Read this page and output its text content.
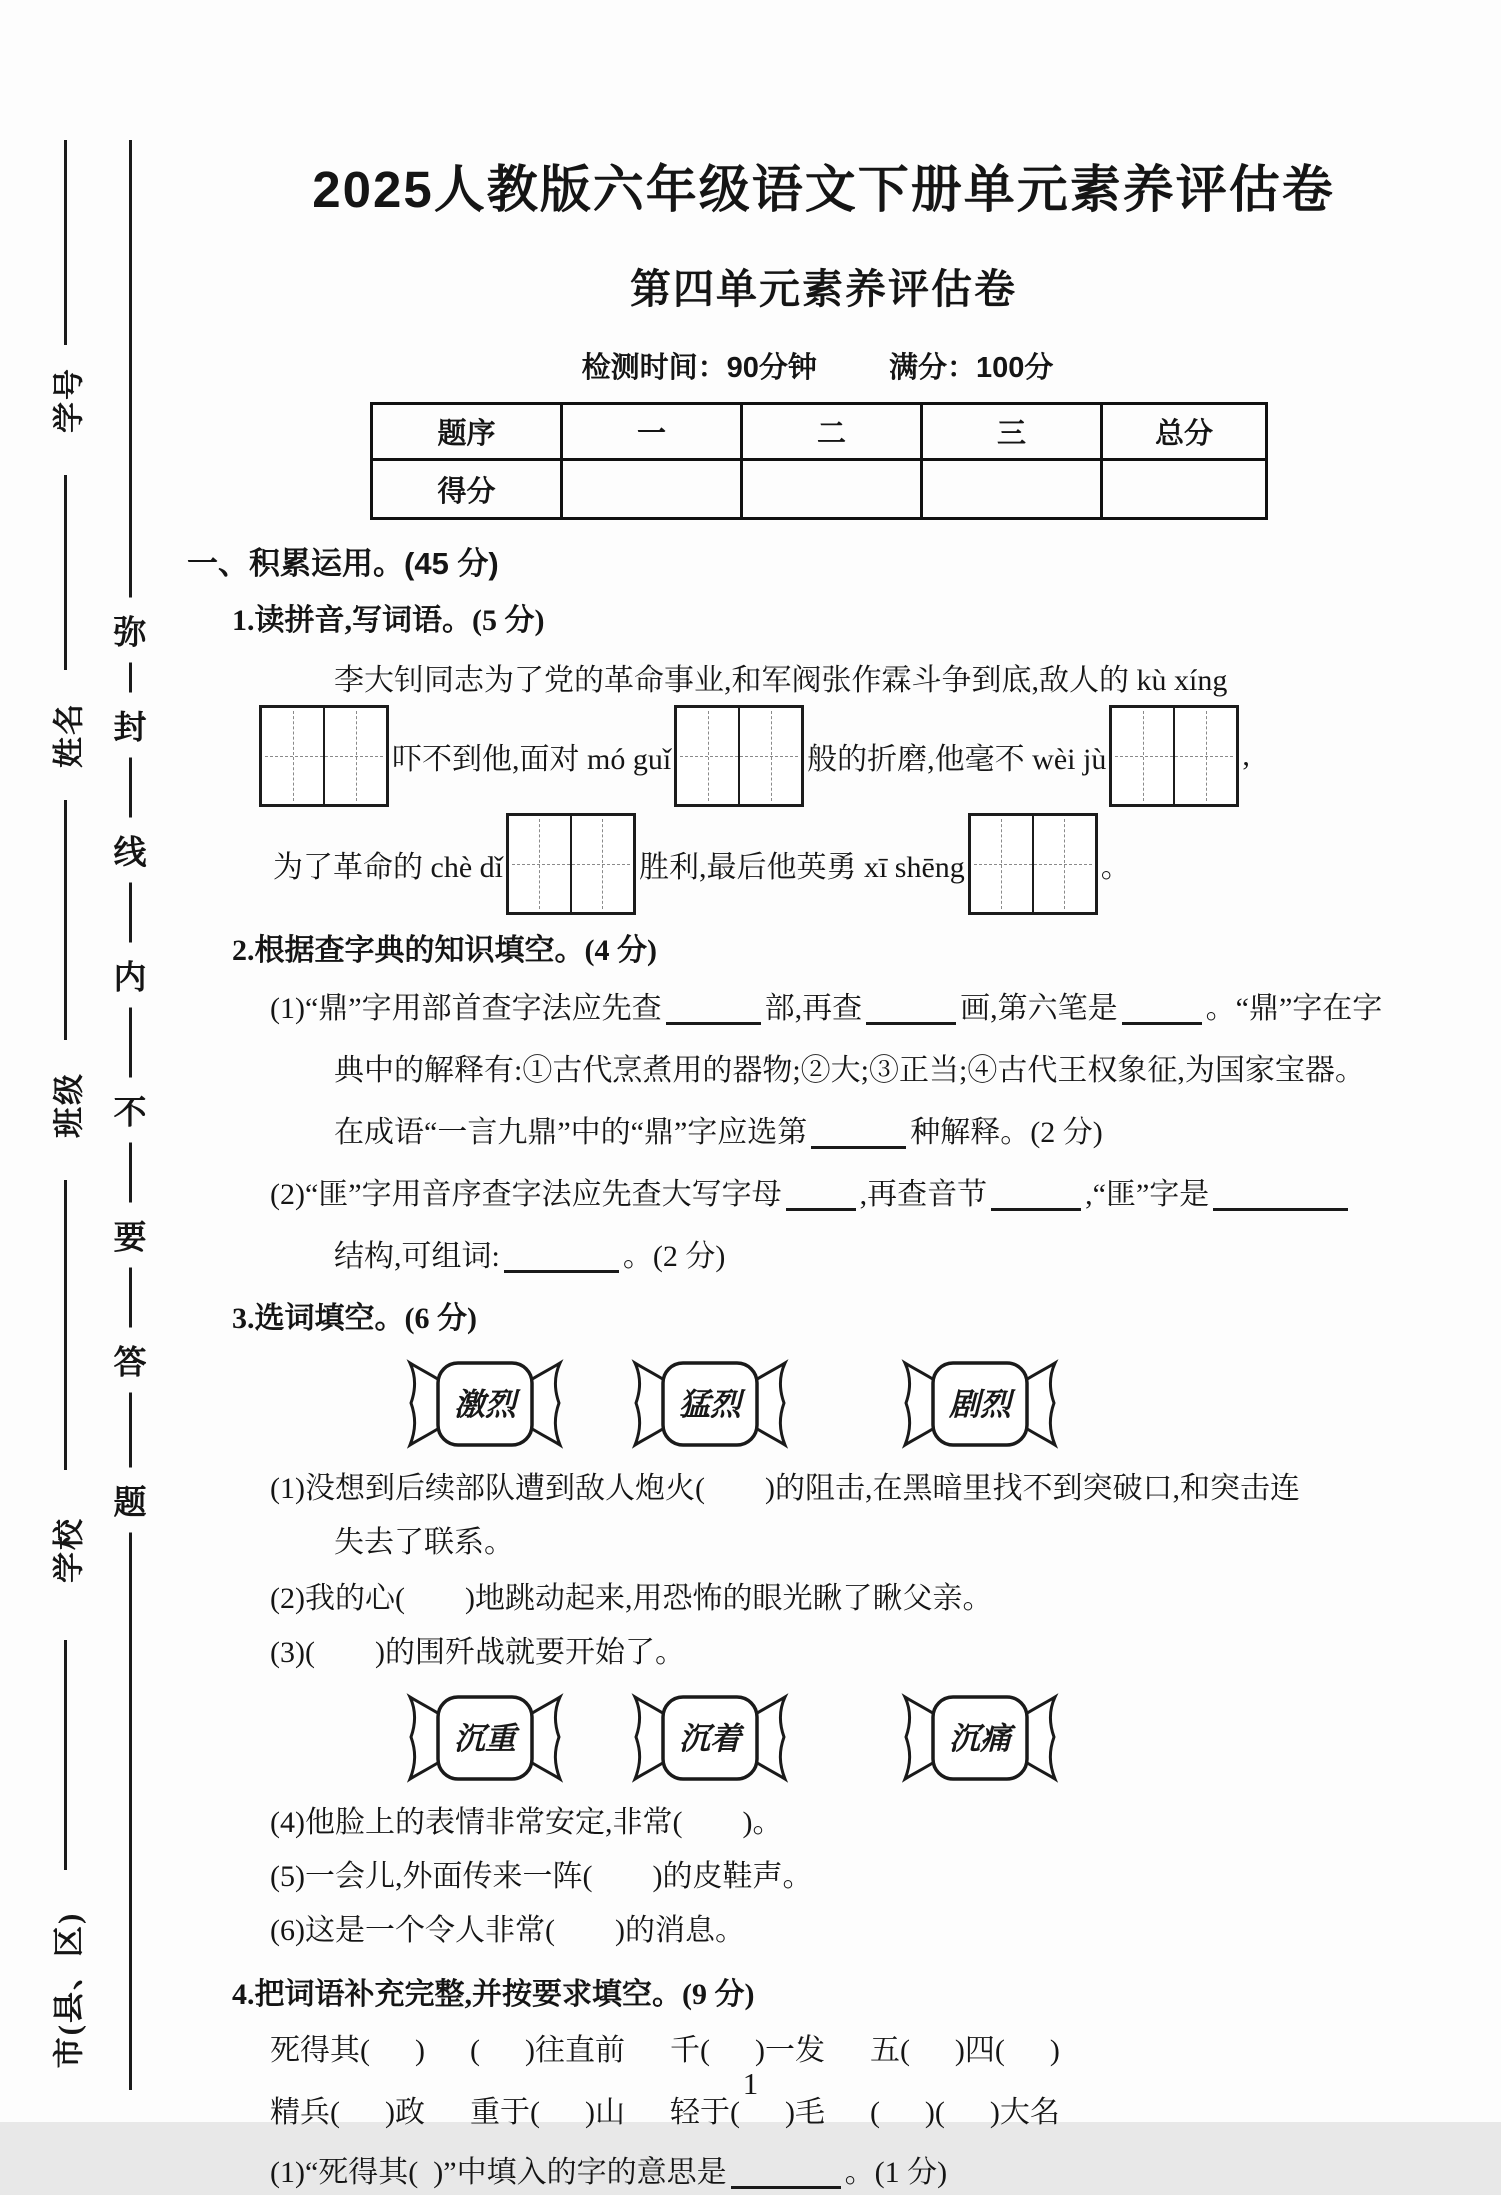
学号
姓名
班级
学校
市(县、区)
弥
封
线
内
不
要
答
题
2025人教版六年级语文下册单元素养评估卷
第四单元素养评估卷
检测时间：90分钟 满分：100分
题序	一	二	三	总分
得分				
一、积累运用。(45 分)
1.读拼音,写词语。(5 分)
李大钊同志为了党的革命事业,和军阀张作霖斗争到底,敌人的 kù xíng
吓不到他,面对 mó guǐ	般的折磨,他毫不 wèi jù	,
为了革命的 chè dǐ	胜利,最后他英勇 xī shēng	。
2.根据查字典的知识填空。(4 分)
(1)“鼎”字用部首查字法应先查	部,再查	画,第六笔是	。“鼎”字在字
典中的解释有:①古代烹煮用的器物;②大;③正当;④古代王权象征,为国家宝器。
在成语“一言九鼎”中的“鼎”字应选第	种解释。(2 分)
(2)“匪”字用音序查字法应先查大写字母	,再查音节	,“匪”字是
结构,可组词:	。(2 分)
3.选词填空。(6 分)
激烈	猛烈	剧烈
(1)没想到后续部队遭到敌人炮火(        )的阻击,在黑暗里找不到突破口,和突击连
失去了联系。
(2)我的心(        )地跳动起来,用恐怖的眼光瞅了瞅父亲。
(3)(        )的围歼战就要开始了。
沉重	沉着	沉痛
(4)他脸上的表情非常安定,非常(        )。
(5)一会儿,外面传来一阵(        )的皮鞋声。
(6)这是一个令人非常(        )的消息。
4.把词语补充完整,并按要求填空。(9 分)
死得其(      )      (      )往直前      千(      )一发      五(      )四(      )
精兵(      )政      重于(      )山      轻于(      )毛      (      )(      )大名
(1)“死得其(  )”中填入的字的意思是	。(1 分)
1
